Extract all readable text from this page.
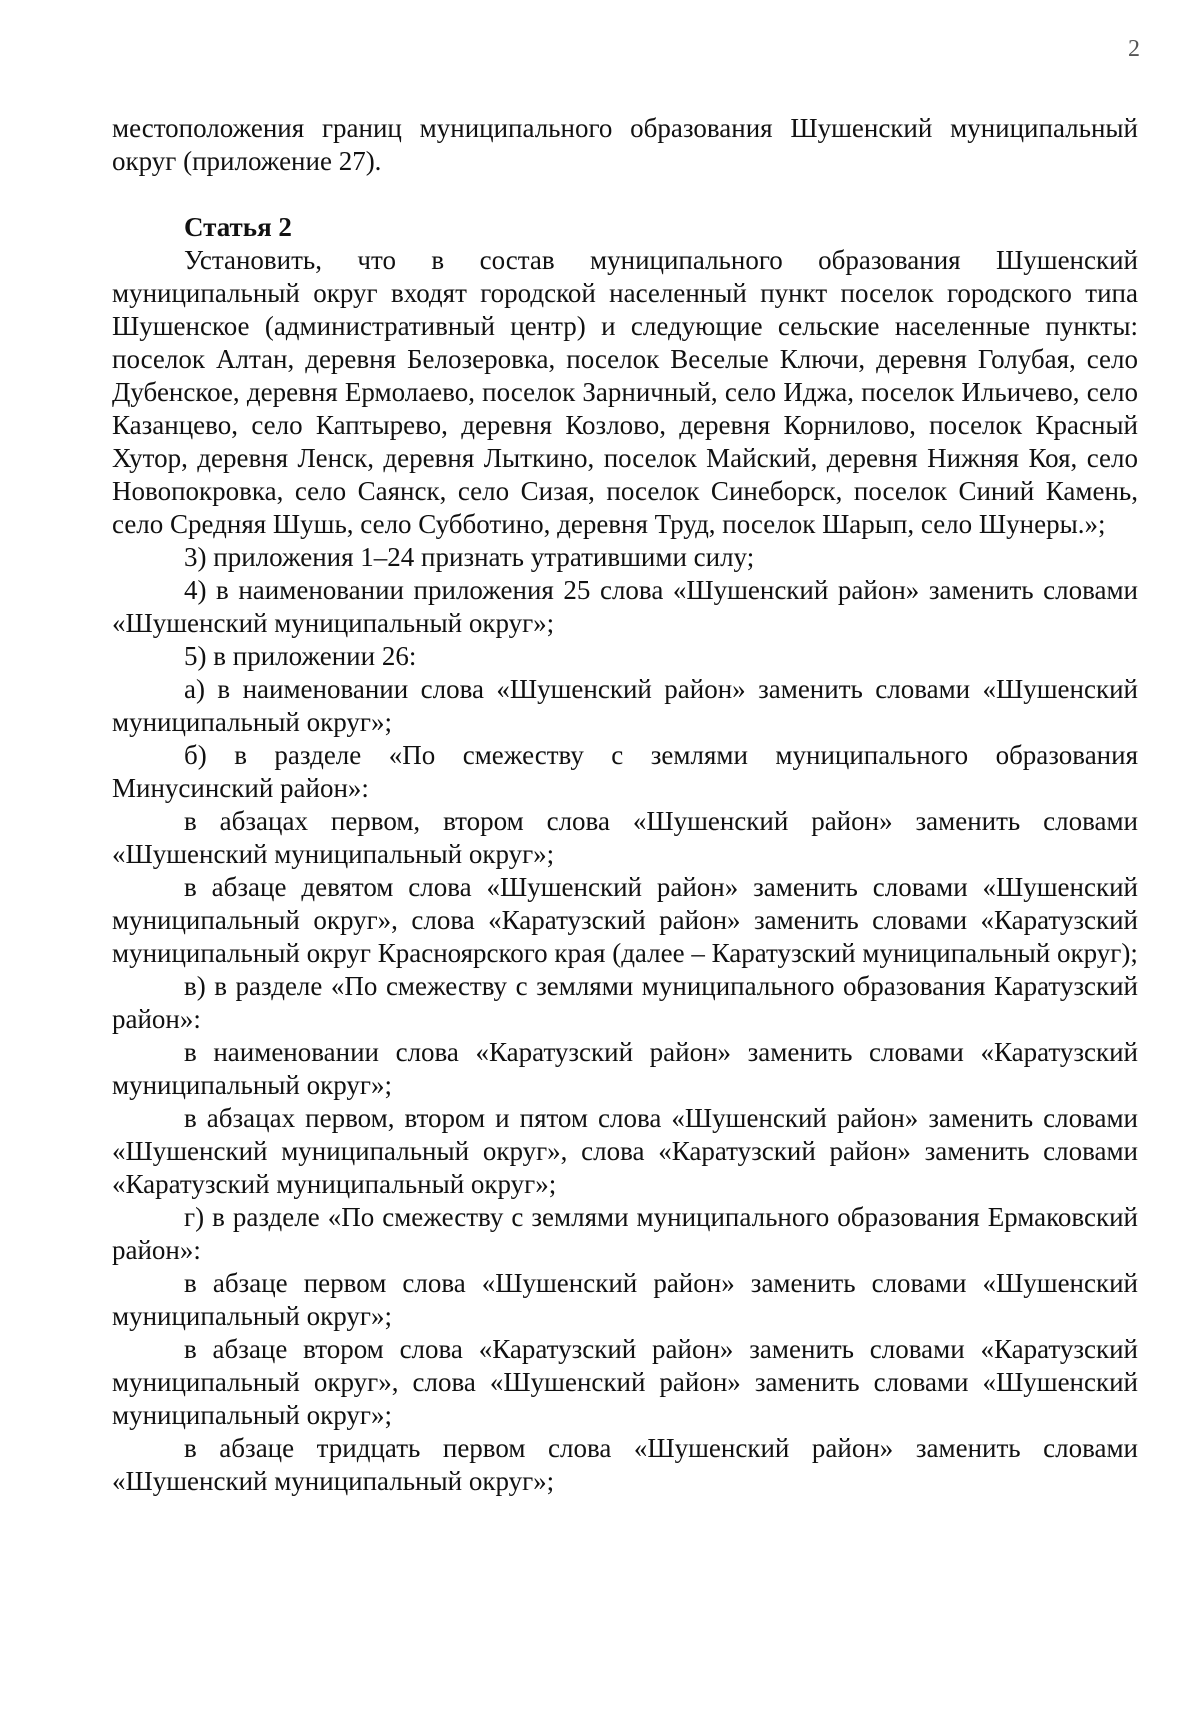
2

местоположения границ муниципального образования Шушенский муниципальный округ (приложение 27).

Статья 2

Установить, что в состав муниципального образования Шушенский муниципальный округ входят городской населенный пункт поселок городского типа Шушенское (административный центр) и следующие сельские населенные пункты: поселок Алтан, деревня Белозеровка, поселок Веселые Ключи, деревня Голубая, село Дубенское, деревня Ермолаево, поселок Зарничный, село Иджа, поселок Ильичево, село Казанцево, село Каптырево, деревня Козлово, деревня Корнилово, поселок Красный Хутор, деревня Ленск, деревня Лыткино, поселок Майский, деревня Нижняя Коя, село Новопокровка, село Саянск, село Сизая, поселок Синеборск, поселок Синий Камень, село Средняя Шушь, село Субботино, деревня Труд, поселок Шарып, село Шунеры.»;

3) приложения 1–24 признать утратившими силу;

4) в наименовании приложения 25 слова «Шушенский район» заменить словами «Шушенский муниципальный округ»;

5) в приложении 26:

а) в наименовании слова «Шушенский район» заменить словами «Шушенский муниципальный округ»;

б) в разделе «По смежеству с землями муниципального образования Минусинский район»:

в абзацах первом, втором слова «Шушенский район» заменить словами «Шушенский муниципальный округ»;

в абзаце девятом слова «Шушенский район» заменить словами «Шушенский муниципальный округ», слова «Каратузский район» заменить словами «Каратузский муниципальный округ Красноярского края (далее – Каратузский муниципальный округ);

в) в разделе «По смежеству с землями муниципального образования Каратузский район»:

в наименовании слова «Каратузский район» заменить словами «Каратузский муниципальный округ»;

в абзацах первом, втором и пятом слова «Шушенский район» заменить словами «Шушенский муниципальный округ», слова «Каратузский район» заменить словами «Каратузский муниципальный округ»;

г) в разделе «По смежеству с землями муниципального образования Ермаковский район»:

в абзаце первом слова «Шушенский район» заменить словами «Шушенский муниципальный округ»;

в абзаце втором слова «Каратузский район» заменить словами «Каратузский муниципальный округ», слова «Шушенский район» заменить словами «Шушенский муниципальный округ»;

в абзаце тридцать первом слова «Шушенский район» заменить словами «Шушенский муниципальный округ»;
